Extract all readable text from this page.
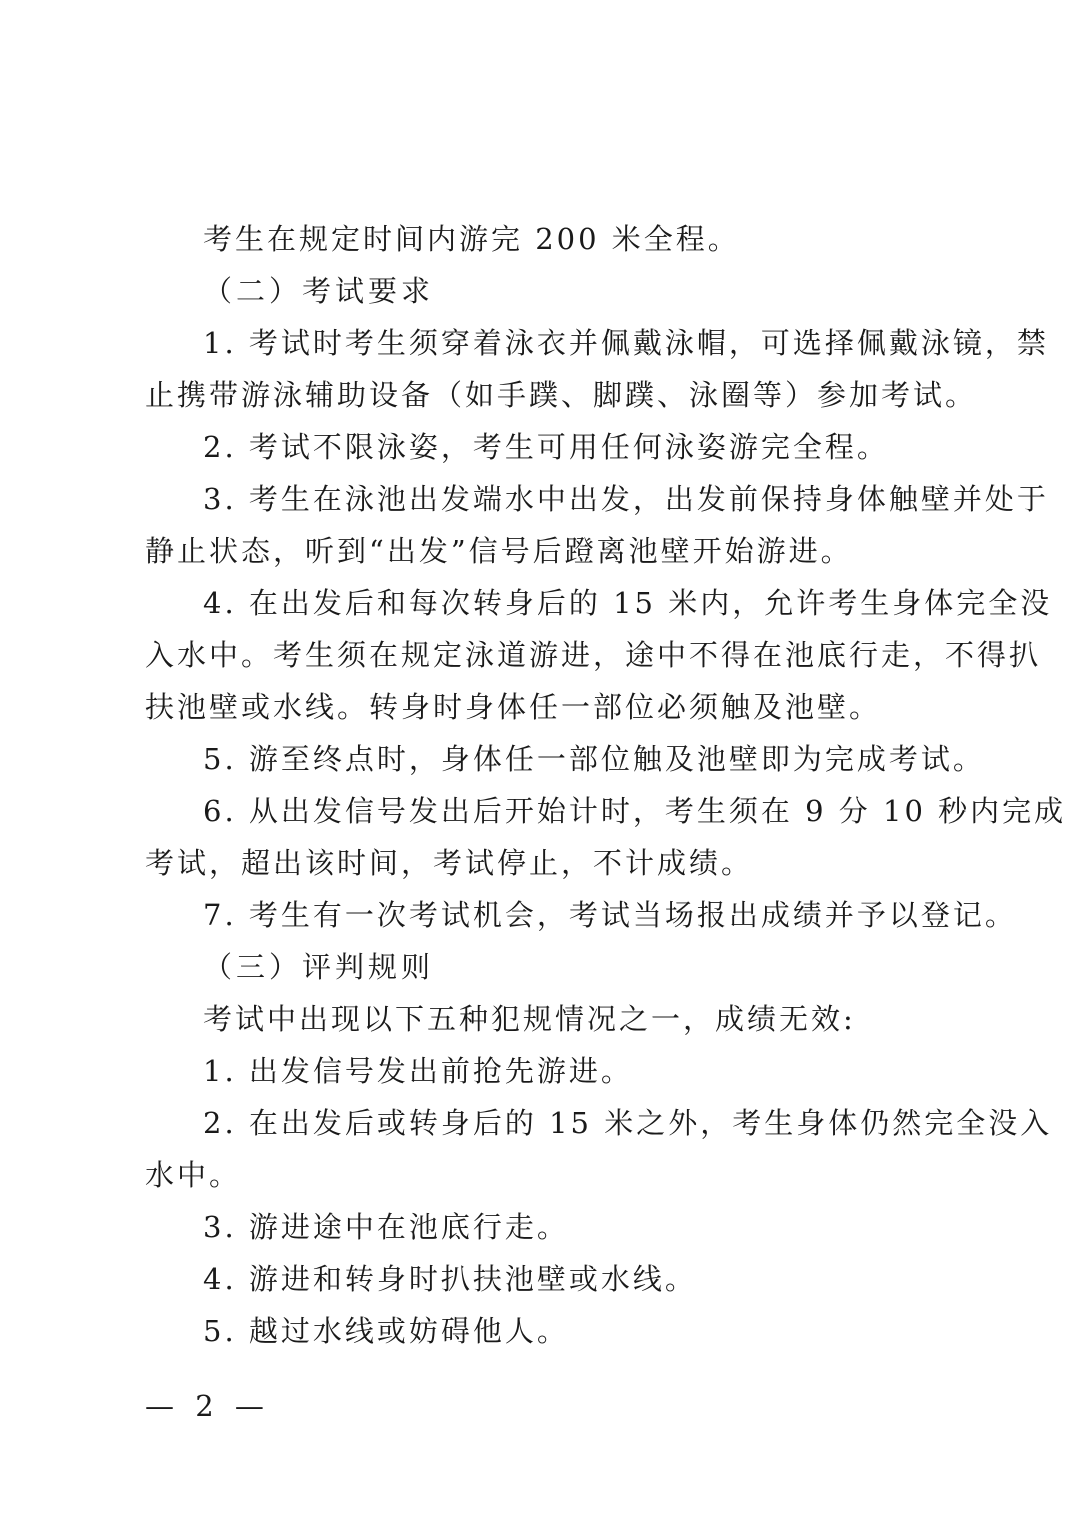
考生在规定时间内游完 200 米全程。
（二）考试要求
1. 考试时考生须穿着泳衣并佩戴泳帽，可选择佩戴泳镜，禁
止携带游泳辅助设备（如手蹼、脚蹼、泳圈等）参加考试。
2. 考试不限泳姿，考生可用任何泳姿游完全程。
3. 考生在泳池出发端水中出发，出发前保持身体触壁并处于
静止状态，听到“出发”信号后蹬离池壁开始游进。
4. 在出发后和每次转身后的 15 米内，允许考生身体完全没
入水中。考生须在规定泳道游进，途中不得在池底行走，不得扒
扶池壁或水线。转身时身体任一部位必须触及池壁。
5. 游至终点时，身体任一部位触及池壁即为完成考试。
6. 从出发信号发出后开始计时，考生须在 9 分 10 秒内完成
考试，超出该时间，考试停止，不计成绩。
7. 考生有一次考试机会，考试当场报出成绩并予以登记。
（三）评判规则
考试中出现以下五种犯规情况之一，成绩无效:
1. 出发信号发出前抢先游进。
2. 在出发后或转身后的 15 米之外，考生身体仍然完全没入
水中。
3. 游进途中在池底行走。
4. 游进和转身时扒扶池壁或水线。
5. 越过水线或妨碍他人。
— 2 —
